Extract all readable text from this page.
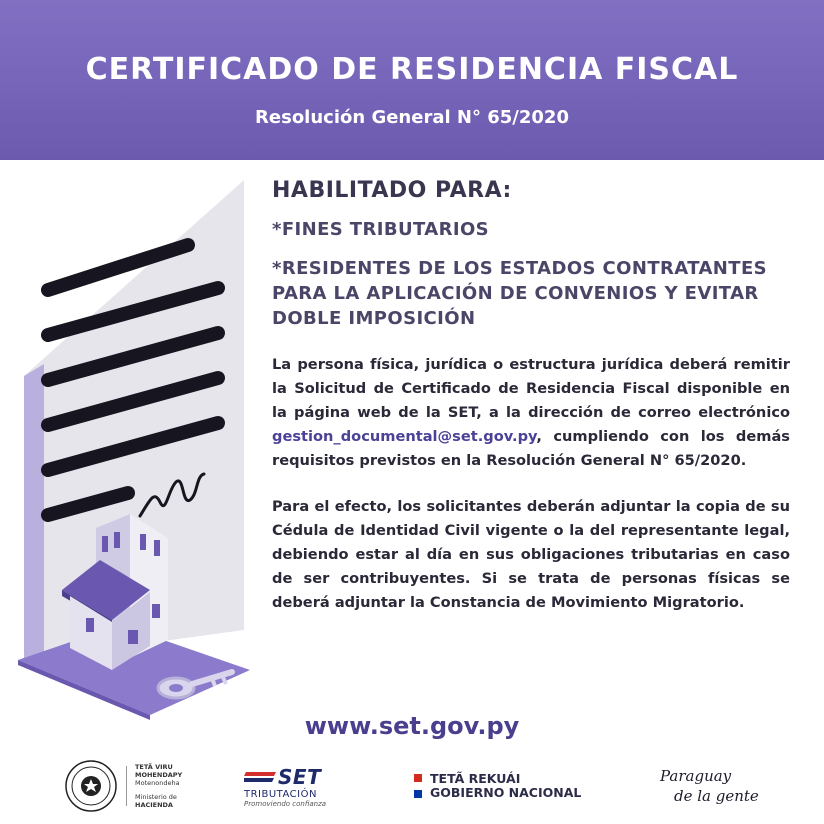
CERTIFICADO DE RESIDENCIA FISCAL
Resolución General N° 65/2020
HABILITADO PARA:
*FINES TRIBUTARIOS
*RESIDENTES DE LOS ESTADOS CONTRATANTES PARA LA APLICACIÓN DE CONVENIOS Y EVITAR DOBLE IMPOSICIÓN
La persona física, jurídica o estructura jurídica deberá remitir la Solicitud de Certificado de Residencia Fiscal disponible en la página web de la SET, a la dirección de correo electrónico gestion_documental@set.gov.py, cumpliendo con los demás requisitos previstos en la Resolución General N° 65/2020.
Para el efecto, los solicitantes deberán adjuntar la copia de su Cédula de Identidad Civil vigente o la del representante legal, debiendo estar al día en sus obligaciones tributarias en caso de ser contribuyentes. Si se trata de personas físicas se deberá adjuntar la Constancia de Movimiento Migratorio.
www.set.gov.py
TETÃ VIRU
MOHENDAPY
Motenondeha
Ministerio de
HACIENDA
SET
TRIBUTACIÓN
Promoviendo confianza
TETÃ REKUÁI
GOBIERNO NACIONAL
Paraguay
de la gente
